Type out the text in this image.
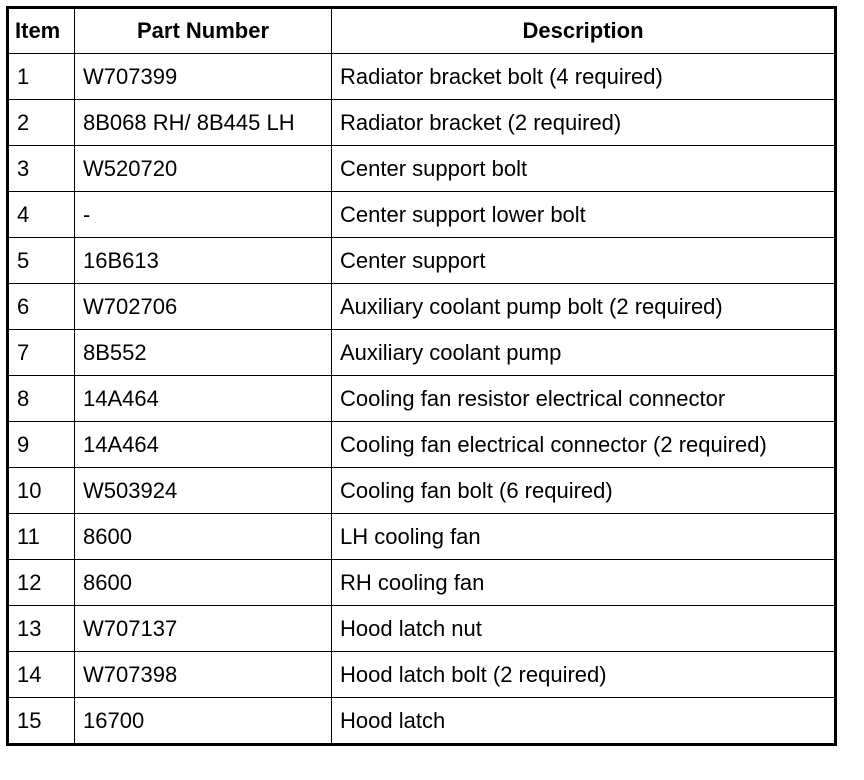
Item	Part Number	Description
1	W707399	Radiator bracket bolt (4 required)
2	8B068 RH/ 8B445 LH	Radiator bracket (2 required)
3	W520720	Center support bolt
4	-	Center support lower bolt
5	16B613	Center support
6	W702706	Auxiliary coolant pump bolt (2 required)
7	8B552	Auxiliary coolant pump
8	14A464	Cooling fan resistor electrical connector
9	14A464	Cooling fan electrical connector (2 required)
10	W503924	Cooling fan bolt (6 required)
11	8600	LH cooling fan
12	8600	RH cooling fan
13	W707137	Hood latch nut
14	W707398	Hood latch bolt (2 required)
15	16700	Hood latch
